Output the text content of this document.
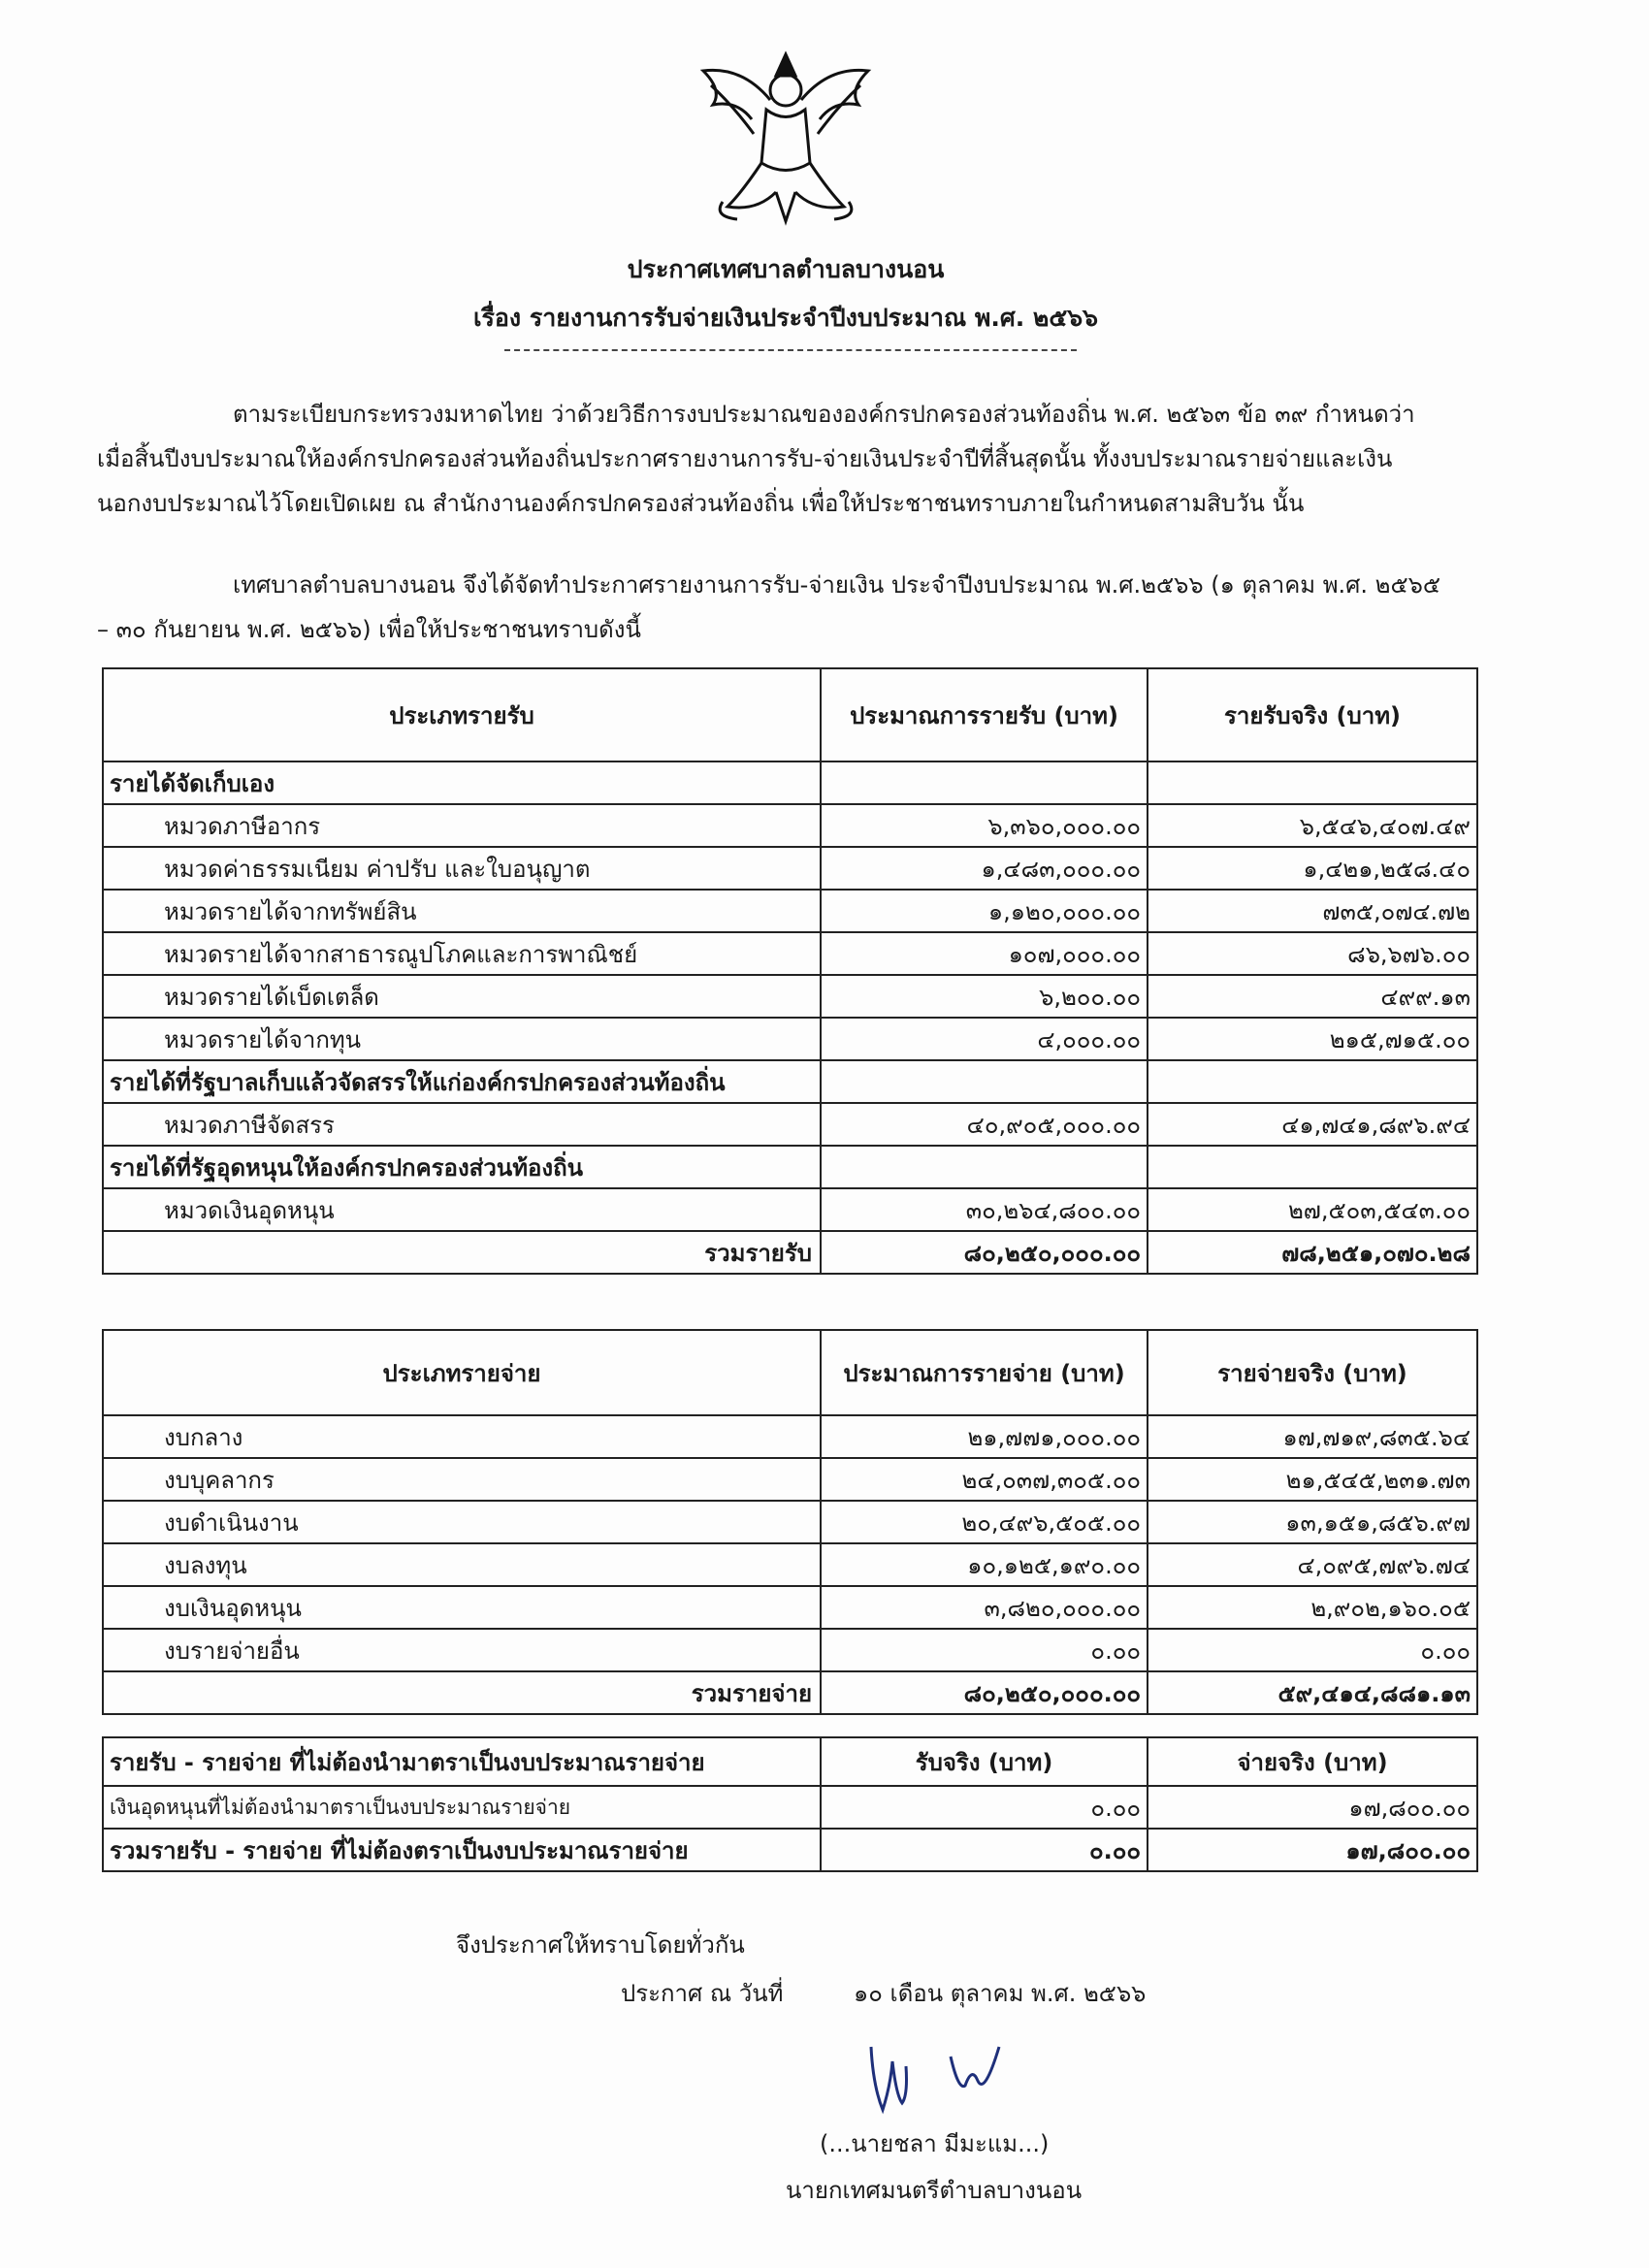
ประกาศเทศบาลตำบลบางนอน
เรื่อง รายงานการรับจ่ายเงินประจำปีงบประมาณ พ.ศ. ๒๕๖๖
ตามระเบียบกระทรวงมหาดไทย ว่าด้วยวิธีการงบประมาณขององค์กรปกครองส่วนท้องถิ่น พ.ศ. ๒๕๖๓ ข้อ ๓๙ กำหนดว่า
เมื่อสิ้นปีงบประมาณให้องค์กรปกครองส่วนท้องถิ่นประกาศรายงานการรับ-จ่ายเงินประจำปีที่สิ้นสุดนั้น ทั้งงบประมาณรายจ่ายและเงิน
นอกงบประมาณไว้โดยเปิดเผย ณ สำนักงานองค์กรปกครองส่วนท้องถิ่น เพื่อให้ประชาชนทราบภายในกำหนดสามสิบวัน นั้น
เทศบาลตำบลบางนอน จึงได้จัดทำประกาศรายงานการรับ-จ่ายเงิน ประจำปีงบประมาณ พ.ศ.๒๕๖๖ (๑ ตุลาคม พ.ศ. ๒๕๖๕
– ๓๐ กันยายน พ.ศ. ๒๕๖๖) เพื่อให้ประชาชนทราบดังนี้
ประเภทรายรับ	ประมาณการรายรับ (บาท)	รายรับจริง (บาท)
รายได้จัดเก็บเอง		
หมวดภาษีอากร	๖,๓๖๐,๐๐๐.๐๐	๖,๕๔๖,๔๐๗.๔๙
หมวดค่าธรรมเนียม ค่าปรับ และใบอนุญาต	๑,๔๘๓,๐๐๐.๐๐	๑,๔๒๑,๒๕๘.๔๐
หมวดรายได้จากทรัพย์สิน	๑,๑๒๐,๐๐๐.๐๐	๗๓๕,๐๗๔.๗๒
หมวดรายได้จากสาธารณูปโภคและการพาณิชย์	๑๐๗,๐๐๐.๐๐	๘๖,๖๗๖.๐๐
หมวดรายได้เบ็ดเตล็ด	๖,๒๐๐.๐๐	๔๙๙.๑๓
หมวดรายได้จากทุน	๔,๐๐๐.๐๐	๒๑๕,๗๑๕.๐๐
รายได้ที่รัฐบาลเก็บแล้วจัดสรรให้แก่องค์กรปกครองส่วนท้องถิ่น		
หมวดภาษีจัดสรร	๔๐,๙๐๕,๐๐๐.๐๐	๔๑,๗๔๑,๘๙๖.๙๔
รายได้ที่รัฐอุดหนุนให้องค์กรปกครองส่วนท้องถิ่น		
หมวดเงินอุดหนุน	๓๐,๒๖๔,๘๐๐.๐๐	๒๗,๕๐๓,๕๔๓.๐๐
รวมรายรับ	๘๐,๒๕๐,๐๐๐.๐๐	๗๘,๒๕๑,๐๗๐.๒๘
ประเภทรายจ่าย	ประมาณการรายจ่าย (บาท)	รายจ่ายจริง (บาท)
งบกลาง	๒๑,๗๗๑,๐๐๐.๐๐	๑๗,๗๑๙,๘๓๕.๖๔
งบบุคลากร	๒๔,๐๓๗,๓๐๕.๐๐	๒๑,๕๔๕,๒๓๑.๗๓
งบดำเนินงาน	๒๐,๔๙๖,๕๐๕.๐๐	๑๓,๑๕๑,๘๕๖.๙๗
งบลงทุน	๑๐,๑๒๕,๑๙๐.๐๐	๔,๐๙๕,๗๙๖.๗๔
งบเงินอุดหนุน	๓,๘๒๐,๐๐๐.๐๐	๒,๙๐๒,๑๖๐.๐๕
งบรายจ่ายอื่น	๐.๐๐	๐.๐๐
รวมรายจ่าย	๘๐,๒๕๐,๐๐๐.๐๐	๕๙,๔๑๔,๘๘๑.๑๓
รายรับ - รายจ่าย ที่ไม่ต้องนำมาตราเป็นงบประมาณรายจ่าย	รับจริง (บาท)	จ่ายจริง (บาท)
เงินอุดหนุนที่ไม่ต้องนำมาตราเป็นงบประมาณรายจ่าย	๐.๐๐	๑๗,๘๐๐.๐๐
รวมรายรับ - รายจ่าย ที่ไม่ต้องตราเป็นงบประมาณรายจ่าย	๐.๐๐	๑๗,๘๐๐.๐๐
จึงประกาศให้ทราบโดยทั่วกัน
ประกาศ ณ วันที่	๑๐ เดือน ตุลาคม พ.ศ. ๒๕๖๖
(...นายชลา มีมะแม...)
นายกเทศมนตรีตำบลบางนอน
